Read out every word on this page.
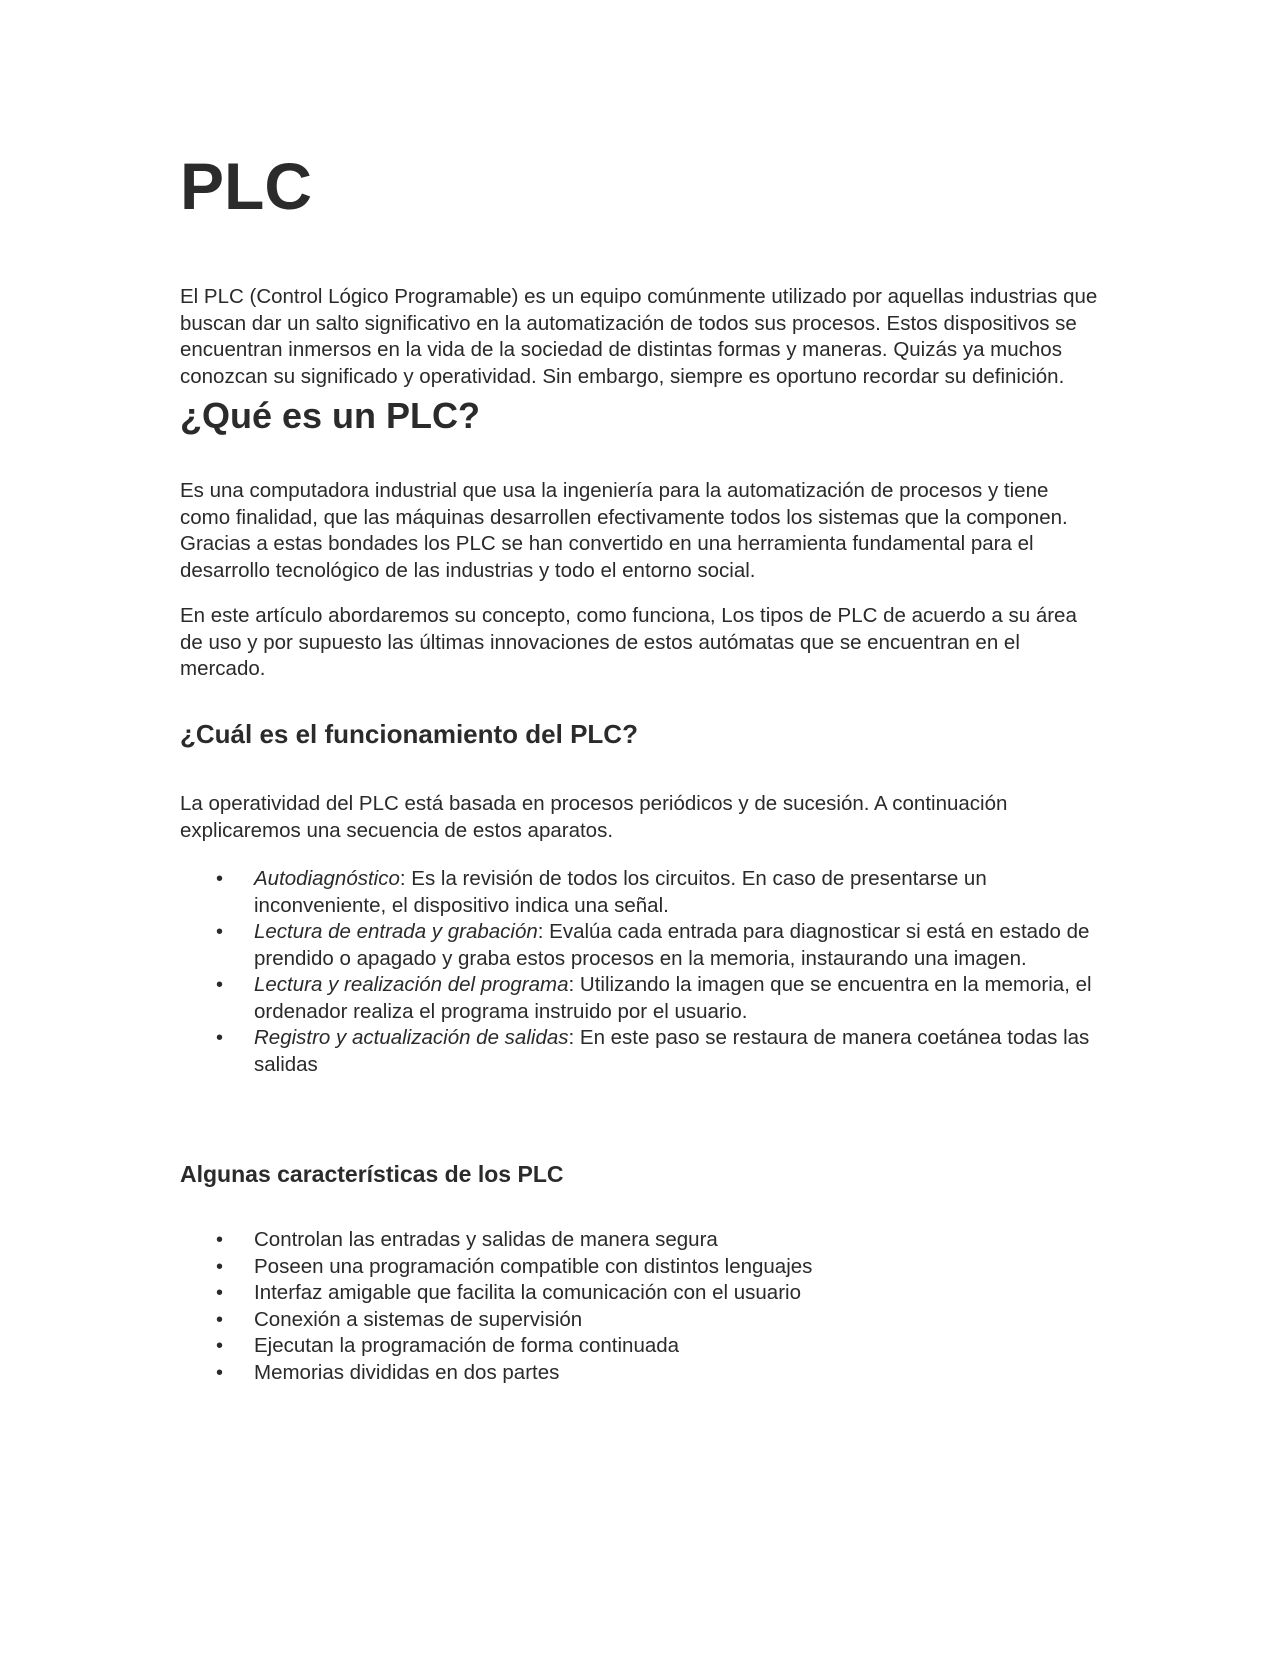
PLC

El PLC (Control Lógico Programable) es un equipo comúnmente utilizado por aquellas industrias que buscan dar un salto significativo en la automatización de todos sus procesos. Estos dispositivos se encuentran inmersos en la vida de la sociedad de distintas formas y maneras. Quizás ya muchos conozcan su significado y operatividad. Sin embargo, siempre es oportuno recordar su definición.

¿Qué es un PLC?

Es una computadora industrial que usa la ingeniería para la automatización de procesos y tiene como finalidad, que las máquinas desarrollen efectivamente todos los sistemas que la componen. Gracias a estas bondades los PLC se han convertido en una herramienta fundamental para el desarrollo tecnológico de las industrias y todo el entorno social.

En este artículo abordaremos su concepto, como funciona, Los tipos de PLC de acuerdo a su área de uso y por supuesto las últimas innovaciones de estos autómatas que se encuentran en el mercado.

¿Cuál es el funcionamiento del PLC?

La operatividad del PLC está basada en procesos periódicos y de sucesión. A continuación explicaremos una secuencia de estos aparatos.

• Autodiagnóstico: Es la revisión de todos los circuitos. En caso de presentarse un inconveniente, el dispositivo indica una señal.
• Lectura de entrada y grabación: Evalúa cada entrada para diagnosticar si está en estado de prendido o apagado y graba estos procesos en la memoria, instaurando una imagen.
• Lectura y realización del programa: Utilizando la imagen que se encuentra en la memoria, el ordenador realiza el programa instruido por el usuario.
• Registro y actualización de salidas: En este paso se restaura de manera coetánea todas las salidas
Algunas características de los PLC
• Controlan las entradas y salidas de manera segura
• Poseen una programación compatible con distintos lenguajes
• Interfaz amigable que facilita la comunicación con el usuario
• Conexión a sistemas de supervisión
• Ejecutan la programación de forma continuada
• Memorias divididas en dos partes
